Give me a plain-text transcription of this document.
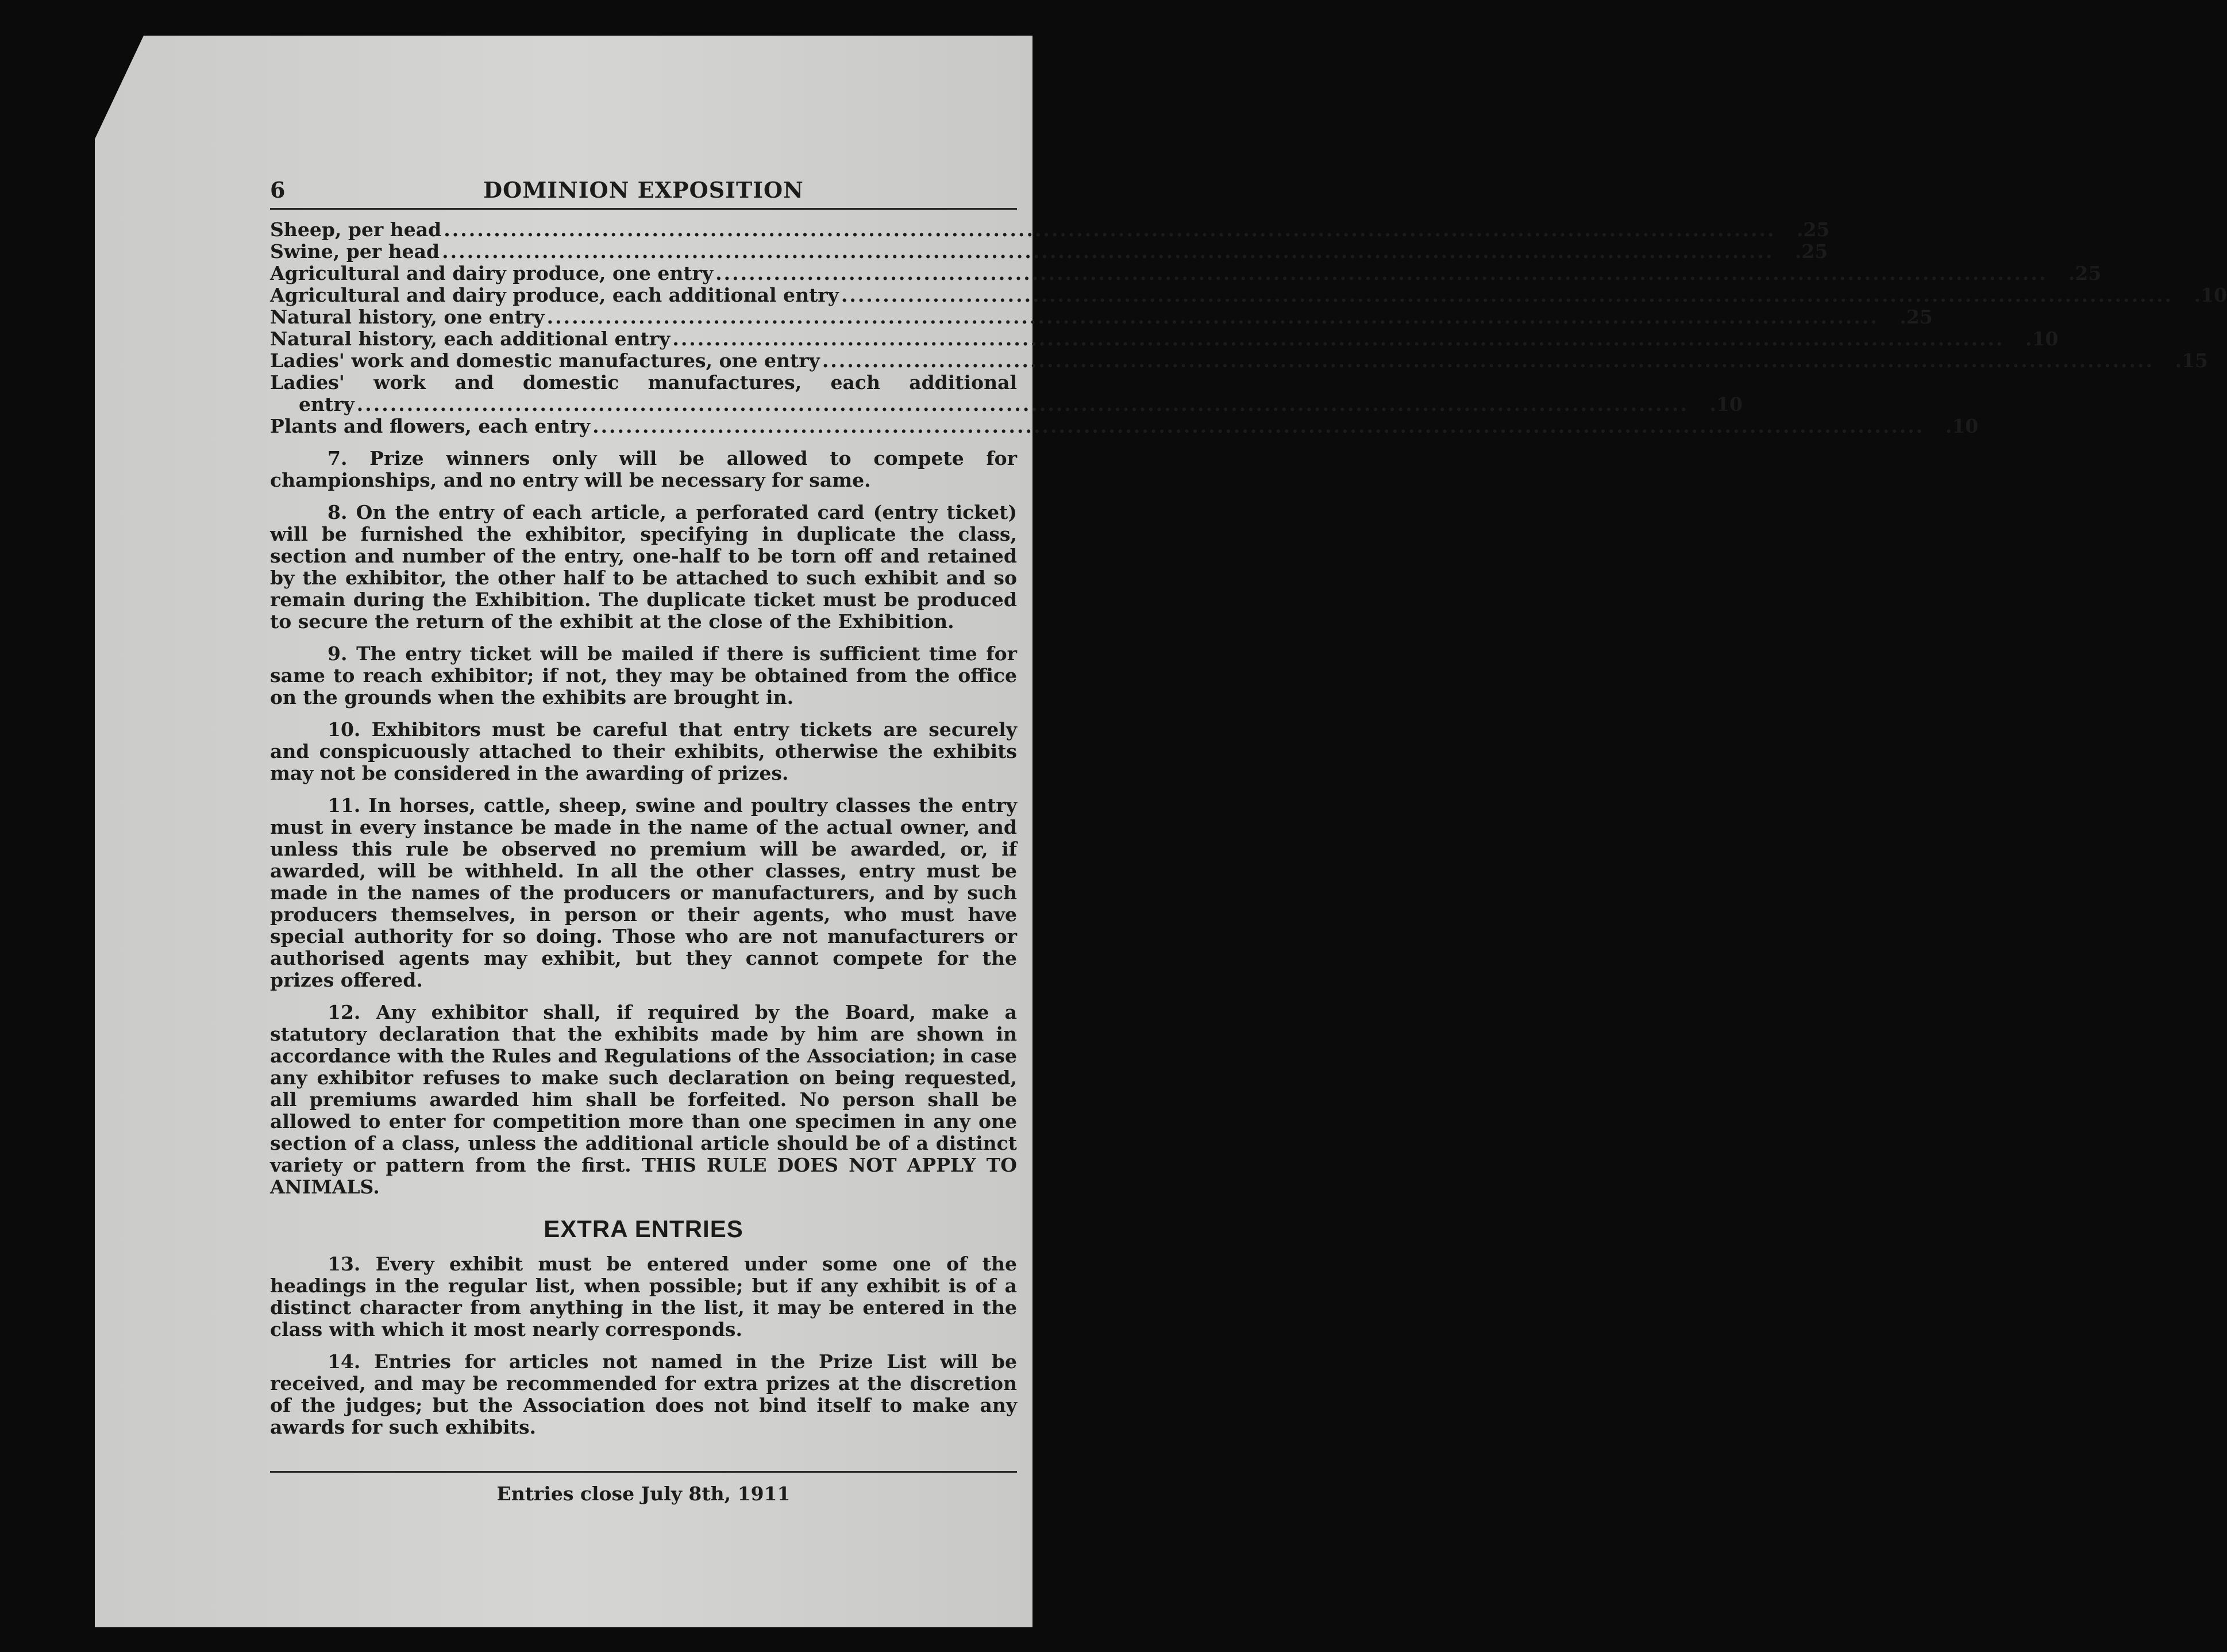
6	DOMINION EXPOSITION
Sheep, per head ................................................................................................................................................................	.25
Swine, per head ................................................................................................................................................................	.25
Agricultural and dairy produce, one entry ................................................................................................................................................................	.25
Agricultural and dairy produce, each additional entry ................................................................................................................................................................	.10
Natural history, one entry ................................................................................................................................................................	.25
Natural history, each additional entry ................................................................................................................................................................	.10
Ladies' work and domestic manufactures, one entry ................................................................................................................................................................	.15
Ladies' work and domestic manufactures, each additional
entry ................................................................................................................................................................	.10
Plants and flowers, each entry ................................................................................................................................................................	.10

7. Prize winners only will be allowed to compete for championships, and no entry will be necessary for same.

8. On the entry of each article, a perforated card (entry ticket) will be furnished the exhibitor, specifying in duplicate the class, section and number of the entry, one-half to be torn off and retained by the exhibitor, the other half to be attached to such exhibit and so remain during the Exhibition. The duplicate ticket must be produced to secure the return of the exhibit at the close of the Exhibition.

9. The entry ticket will be mailed if there is sufficient time for same to reach exhibitor; if not, they may be obtained from the office on the grounds when the exhibits are brought in.

10. Exhibitors must be careful that entry tickets are securely and conspicuously attached to their exhibits, otherwise the exhibits may not be considered in the awarding of prizes.

11. In horses, cattle, sheep, swine and poultry classes the entry must in every instance be made in the name of the actual owner, and unless this rule be observed no premium will be awarded, or, if awarded, will be withheld. In all the other classes, entry must be made in the names of the producers or manufacturers, and by such producers themselves, in person or their agents, who must have special authority for so doing. Those who are not manufacturers or authorised agents may exhibit, but they cannot compete for the prizes offered.

12. Any exhibitor shall, if required by the Board, make a statutory declaration that the exhibits made by him are shown in accordance with the Rules and Regulations of the Association; in case any exhibitor refuses to make such declaration on being requested, all premiums awarded him shall be forfeited. No person shall be allowed to enter for competition more than one specimen in any one section of a class, unless the additional article should be of a distinct variety or pattern from the first. THIS RULE DOES NOT APPLY TO ANIMALS.

EXTRA ENTRIES

13. Every exhibit must be entered under some one of the headings in the regular list, when possible; but if any exhibit is of a distinct character from anything in the list, it may be entered in the class with which it most nearly corresponds.

14. Entries for articles not named in the Prize List will be received, and may be recommended for extra prizes at the discretion of the judges; but the Association does not bind itself to make any awards for such exhibits.

Entries close July 8th, 1911
